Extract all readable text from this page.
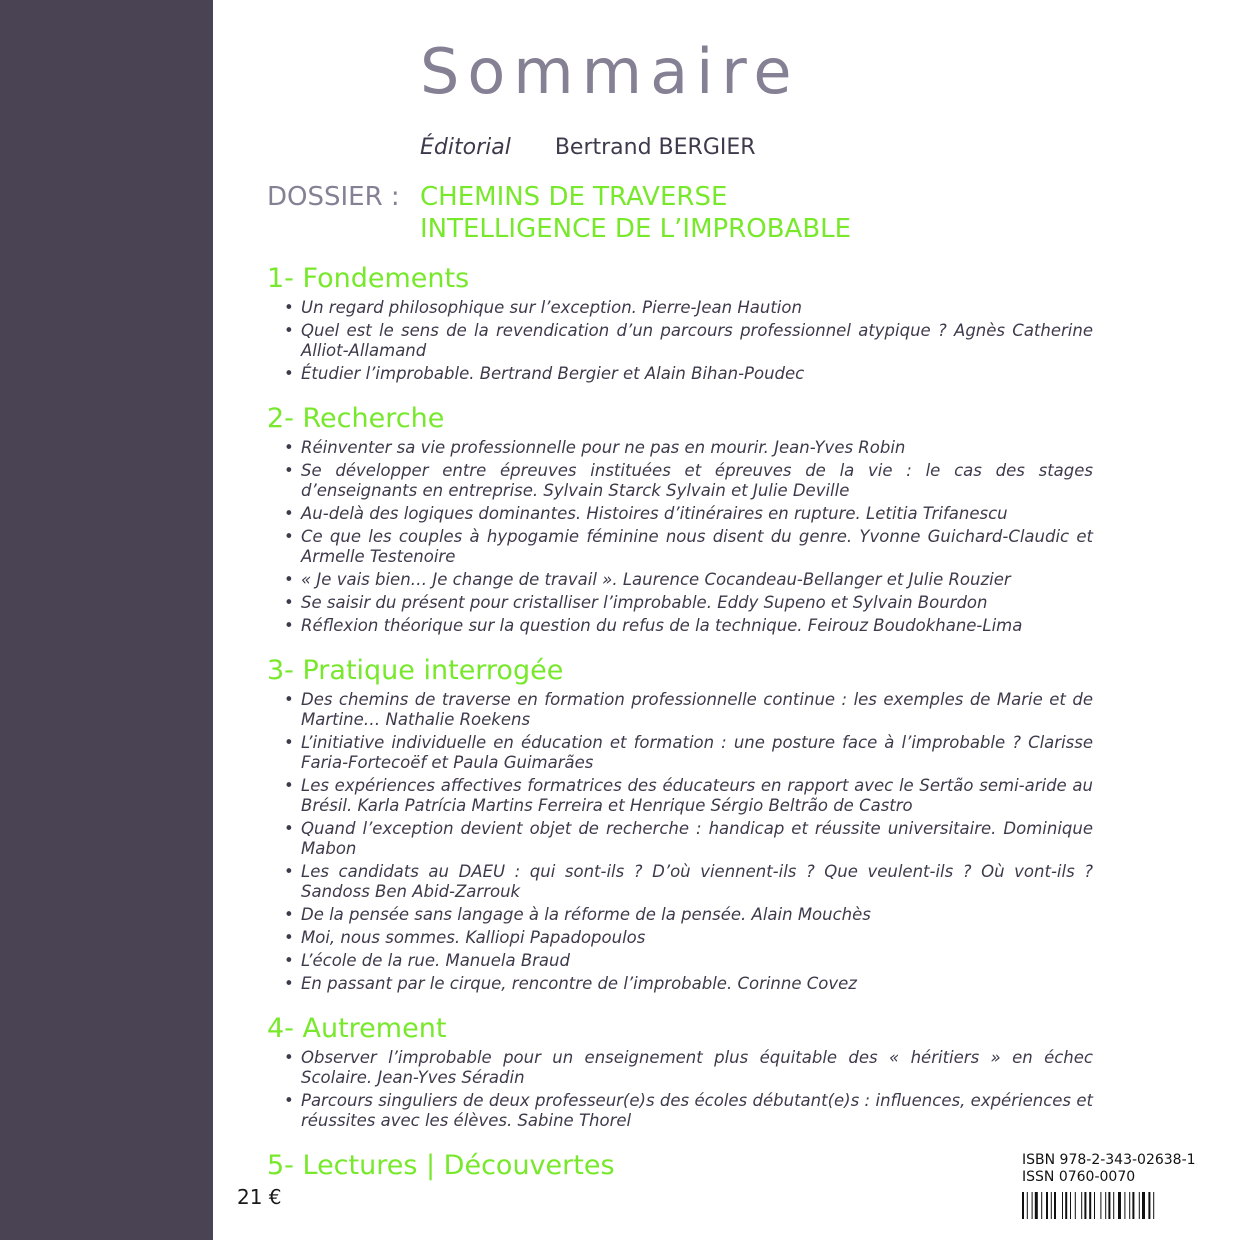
Sommaire
Éditorial Bertrand BERGIER
DOSSIER : CHEMINS DE TRAVERSE
INTELLIGENCE DE L’IMPROBABLE
1- Fondements
• Un regard philosophique sur l’exception. Pierre-Jean Haution
• Quel est le sens de la revendication d’un parcours professionnel atypique ? Agnès Catherine Alliot-Allamand
• Étudier l’improbable. Bertrand Bergier et Alain Bihan-Poudec
2- Recherche
• Réinventer sa vie professionnelle pour ne pas en mourir. Jean-Yves Robin
• Se développer entre épreuves instituées et épreuves de la vie : le cas des stages d’enseignants en entreprise. Sylvain Starck Sylvain et Julie Deville
• Au-delà des logiques dominantes. Histoires d’itinéraires en rupture. Letitia Trifanescu
• Ce que les couples à hypogamie féminine nous disent du genre. Yvonne Guichard-Claudic et Armelle Testenoire
• « Je vais bien… Je change de travail ». Laurence Cocandeau-Bellanger et Julie Rouzier
• Se saisir du présent pour cristalliser l’improbable. Eddy Supeno et Sylvain Bourdon
• Réflexion théorique sur la question du refus de la technique. Feirouz Boudokhane-Lima
3- Pratique interrogée
• Des chemins de traverse en formation professionnelle continue : les exemples de Marie et de Martine… Nathalie Roekens
• L’initiative individuelle en éducation et formation : une posture face à l’improbable ? Clarisse Faria-Fortecoëf et Paula Guimarães
• Les expériences affectives formatrices des éducateurs en rapport avec le Sertão semi-aride au Brésil. Karla Patrícia Martins Ferreira et Henrique Sérgio Beltrão de Castro
• Quand l’exception devient objet de recherche : handicap et réussite universitaire. Dominique Mabon
• Les candidats au DAEU : qui sont-ils ? D’où viennent-ils ? Que veulent-ils ? Où vont-ils ? Sandoss Ben Abid-Zarrouk
• De la pensée sans langage à la réforme de la pensée. Alain Mouchès
• Moi, nous sommes. Kalliopi Papadopoulos
• L’école de la rue. Manuela Braud
• En passant par le cirque, rencontre de l’improbable. Corinne Covez
4- Autrement
• Observer l’improbable pour un enseignement plus équitable des « héritiers » en échec Scolaire. Jean-Yves Séradin
• Parcours singuliers de deux professeur(e)s des écoles débutant(e)s : influences, expériences et réussites avec les élèves. Sabine Thorel
5- Lectures | Découvertes
21 €
ISBN 978-2-343-02638-1
ISSN 0760-0070
